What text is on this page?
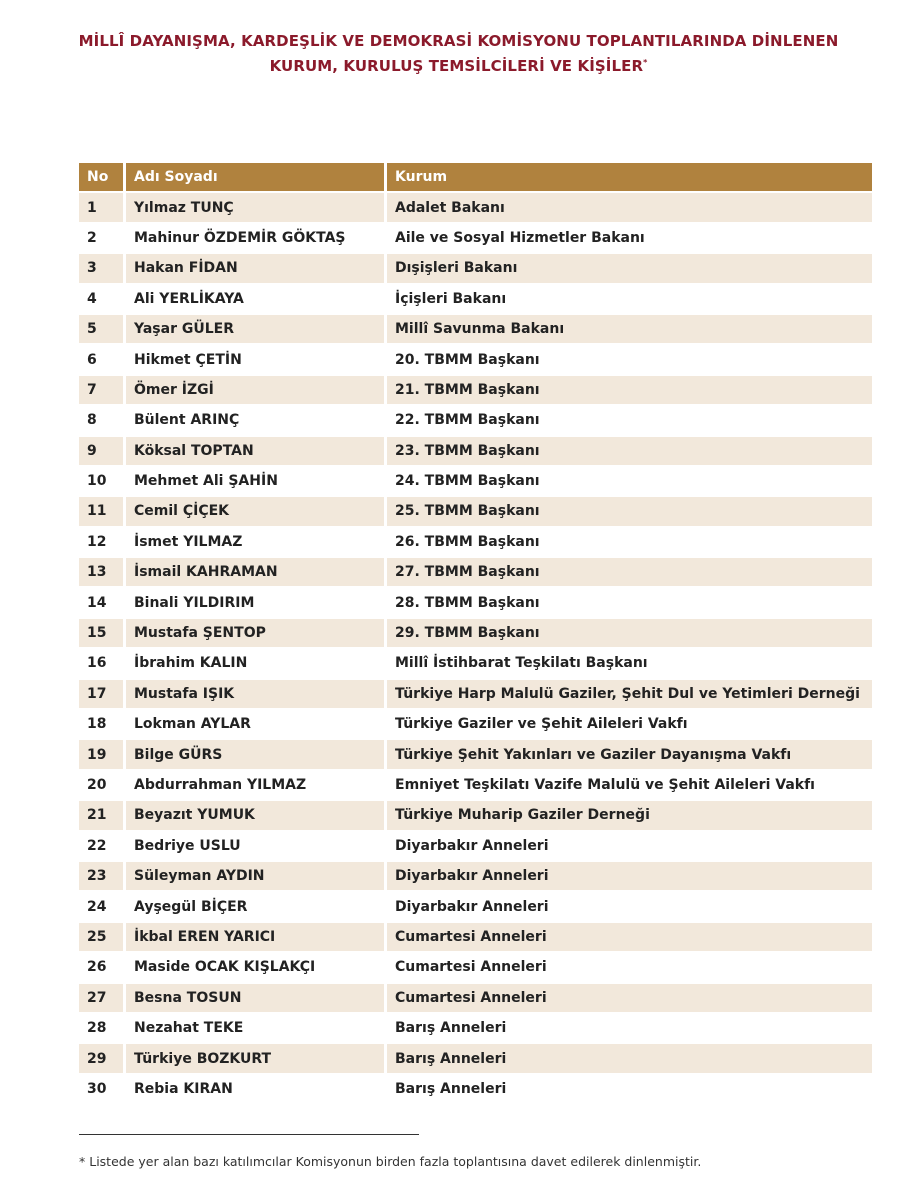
MİLLÎ DAYANIŞMA, KARDEŞLİK VE DEMOKRASİ KOMİSYONU TOPLANTILARINDA DİNLENEN
KURUM, KURULUŞ TEMSİLCİLERİ VE KİŞİLER*
No	Adı Soyadı	Kurum
1	Yılmaz TUNÇ	Adalet Bakanı
2	Mahinur ÖZDEMİR GÖKTAŞ	Aile ve Sosyal Hizmetler Bakanı
3	Hakan FİDAN	Dışişleri Bakanı
4	Ali YERLİKAYA	İçişleri Bakanı
5	Yaşar GÜLER	Millî Savunma Bakanı
6	Hikmet ÇETİN	20. TBMM Başkanı
7	Ömer İZGİ	21. TBMM Başkanı
8	Bülent ARINÇ	22. TBMM Başkanı
9	Köksal TOPTAN	23. TBMM Başkanı
10	Mehmet Ali ŞAHİN	24. TBMM Başkanı
11	Cemil ÇİÇEK	25. TBMM Başkanı
12	İsmet YILMAZ	26. TBMM Başkanı
13	İsmail KAHRAMAN	27. TBMM Başkanı
14	Binali YILDIRIM	28. TBMM Başkanı
15	Mustafa ŞENTOP	29. TBMM Başkanı
16	İbrahim KALIN	Millî İstihbarat Teşkilatı Başkanı
17	Mustafa IŞIK	Türkiye Harp Malulü Gaziler, Şehit Dul ve Yetimleri Derneği
18	Lokman AYLAR	Türkiye Gaziler ve Şehit Aileleri Vakfı
19	Bilge GÜRS	Türkiye Şehit Yakınları ve Gaziler Dayanışma Vakfı
20	Abdurrahman YILMAZ	Emniyet Teşkilatı Vazife Malulü ve Şehit Aileleri Vakfı
21	Beyazıt YUMUK	Türkiye Muharip Gaziler Derneği
22	Bedriye USLU	Diyarbakır Anneleri
23	Süleyman AYDIN	Diyarbakır Anneleri
24	Ayşegül BİÇER	Diyarbakır Anneleri
25	İkbal EREN YARICI	Cumartesi Anneleri
26	Maside OCAK KIŞLAKÇI	Cumartesi Anneleri
27	Besna TOSUN	Cumartesi Anneleri
28	Nezahat TEKE	Barış Anneleri
29	Türkiye BOZKURT	Barış Anneleri
30	Rebia KIRAN	Barış Anneleri
* Listede yer alan bazı katılımcılar Komisyonun birden fazla toplantısına davet edilerek dinlenmiştir.
